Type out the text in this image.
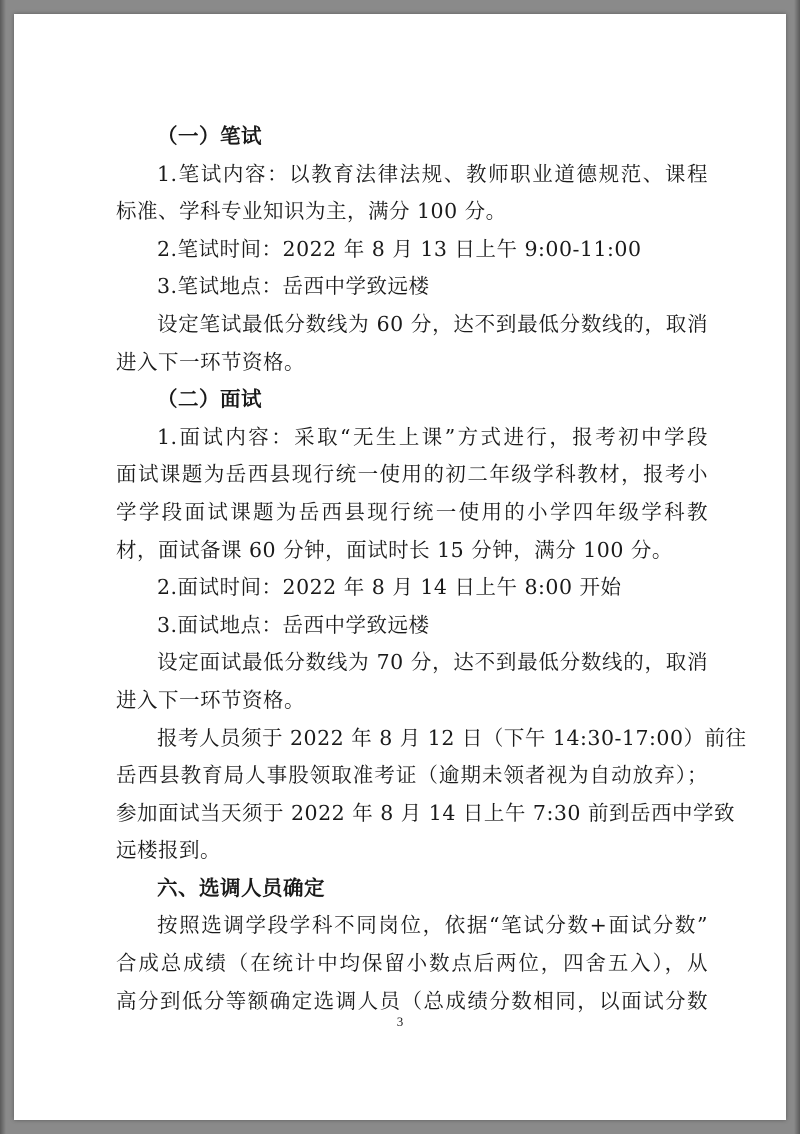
（一）笔试
1.笔试内容：以教育法律法规、教师职业道德规范、课程
标准、学科专业知识为主，满分 100 分。
2.笔试时间：2022 年 8 月 13 日上午 9:00-11:00
3.笔试地点：岳西中学致远楼
设定笔试最低分数线为 60 分，达不到最低分数线的，取消
进入下一环节资格。
（二）面试
1.面试内容：采取“无生上课”方式进行，报考初中学段
面试课题为岳西县现行统一使用的初二年级学科教材，报考小
学学段面试课题为岳西县现行统一使用的小学四年级学科教
材，面试备课 60 分钟，面试时长 15 分钟，满分 100 分。
2.面试时间：2022 年 8 月 14 日上午 8:00 开始
3.面试地点：岳西中学致远楼
设定面试最低分数线为 70 分，达不到最低分数线的，取消
进入下一环节资格。
报考人员须于 2022 年 8 月 12 日（下午 14:30-17:00）前往
岳西县教育局人事股领取准考证（逾期未领者视为自动放弃）；
参加面试当天须于 2022 年 8 月 14 日上午 7:30 前到岳西中学致
远楼报到。
六、选调人员确定
按照选调学段学科不同岗位，依据“笔试分数+面试分数”
合成总成绩（在统计中均保留小数点后两位，四舍五入），从
高分到低分等额确定选调人员（总成绩分数相同，以面试分数
3
